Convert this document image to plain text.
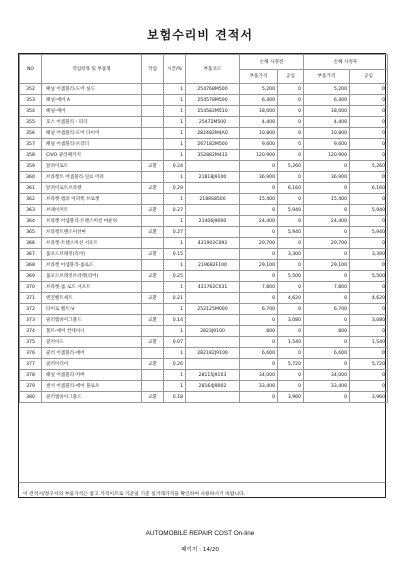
보험수리비 견적서
NO	작업항목 및 부품명	작업	시간/%	부품코드	손해 사정전		손해 사정후	
					부품가격	공임	부품가격	공임
352	패널 어셈블리-도어 실드		1	254768M500	5,200	0	5,200	0
353	패널-에어 A		1	254578M500	6,300	0	6,300	0
354	패널-에어		1	254582M510	18,000	0	18,000	0
355	호스 어셈블리 - 피더		1	25472M500	4,400	0	4,400	0
356	패널 어셈블리-도어 다이어		1	282482M4A0	10,800	0	10,800	0
357	패널 어셈블리-브리더		1	267182M500	9,600	0	9,600	0
358	CIVO 쿨러패키지		1	352882M412	120,900	0	120,900	0
359	앞퍼이로트	교환	0.24		0	5,260	0	5,260
360	브라켓트 어셈블리-연료 어퍼		1	21818J9100	36,900	0	36,900	0
361	앞퍼이로트브라켓	교환	0.29		0	6,160	0	6,160
362	브라켓-앰퍼 어퍼쪽 브로켓		1	2180S8500	15,400	0	15,400	0
363	브래이커트	교환	0.27		0	5,940	0	5,940
364	브라켓 어셈블리-트랜스미션 마운팅		1	21406J9000	24,400	0	24,400	0
365	브라켓트랜스미션마	교환	0.27		0	5,940	0	5,940
366	브라켓-트랜스미션 서포트		1	431902C092	20,700	0	20,700	0
367	롤포드브래킷(리어)	교환	0.15		0	3,300	0	3,300
368	브라켓 어셈블리-롤로드		1	219682F100	29,100	0	29,100	0
369	롤포드브래킷브라켓(리어)	교환	0.25		0	5,500	0	5,500
370	브라켓-롤 로드 서포트		1	431762C031	7,800	0	7,800	0
371	엔진벨트세트	교환	0.21		0	4,620	0	4,620
372	타이로 벨트-V		1	252125M000	6,700	0	6,700	0
373	쿨러엠바이그블드	교환	0.14		0	3,080	0	3,080
374	볼트-에어 컨테이너		1	2823J9100	800	0	800	0
375	쿨러이드	교환	0.07		0	1,540	0	1,540
376	쿨러 어셈블리-에어		1	282182J9100	6,600	0	6,600	0
377	쿨러이더이	교환	0.26		0	5,720	0	5,720
378	패널 어셈블리-커버		1	28115J9103	34,000	0	34,000	0
379	센서 어셈블리-에어 플로우		1	28164J9002	33,400	0	33,400	0
380	쿨러엠바이그블드	교환	0.18		0	3,960	0	3,960
이 견적서/청구서의 부품가격은 참고 가격이므로 기준일 기준 실거래가격을 확인하여 사용하시기 바랍니다.
AUTOMOBILE REPAIR COST On-line
페이지 : 14/20
